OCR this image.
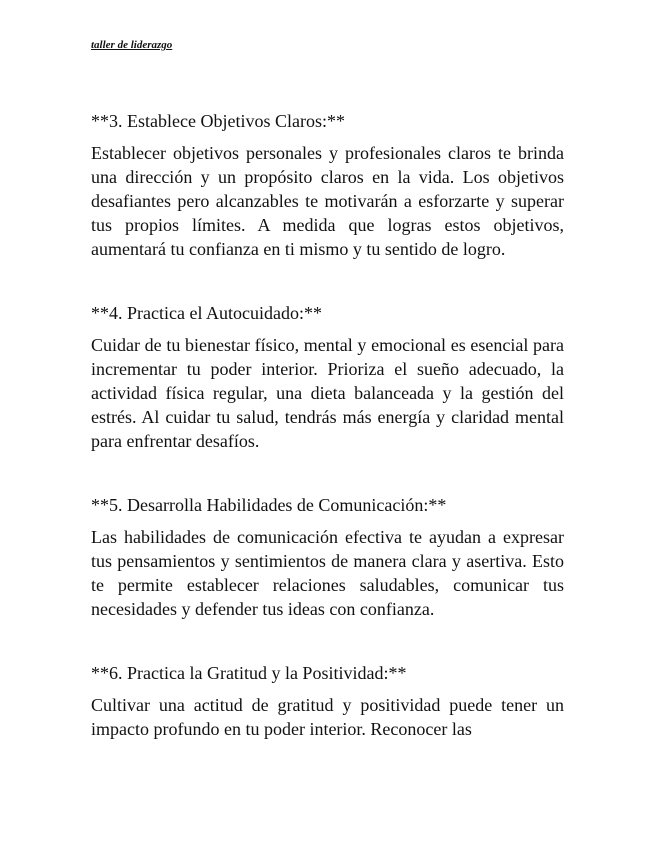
taller de liderazgo

**3. Establece Objetivos Claros:**

Establecer objetivos personales y profesionales claros te brinda una dirección y un propósito claros en la vida. Los objetivos desafiantes pero alcanzables te motivarán a esforzarte y superar tus propios límites. A medida que logras estos objetivos, aumentará tu confianza en ti mismo y tu sentido de logro.

**4. Practica el Autocuidado:**

Cuidar de tu bienestar físico, mental y emocional es esencial para incrementar tu poder interior. Prioriza el sueño adecuado, la actividad física regular, una dieta balanceada y la gestión del estrés. Al cuidar tu salud, tendrás más energía y claridad mental para enfrentar desafíos.

**5. Desarrolla Habilidades de Comunicación:**

Las habilidades de comunicación efectiva te ayudan a expresar tus pensamientos y sentimientos de manera clara y asertiva. Esto te permite establecer relaciones saludables, comunicar tus necesidades y defender tus ideas con confianza.

**6. Practica la Gratitud y la Positividad:**

Cultivar una actitud de gratitud y positividad puede tener un impacto profundo en tu poder interior. Reconocer las
